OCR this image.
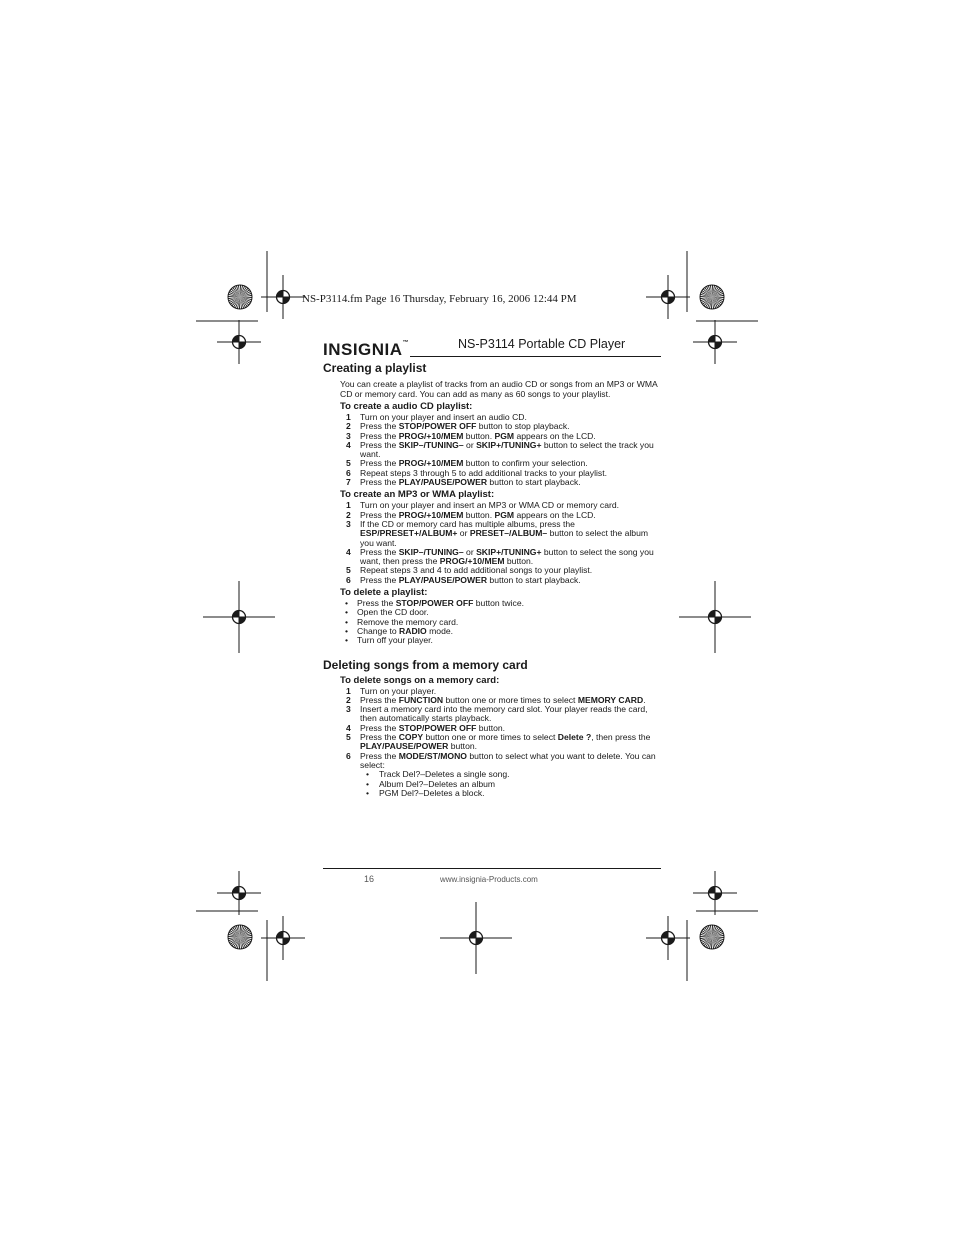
NS-P3114.fm Page 16 Thursday, February 16, 2006 12:44 PM
INSIGNIA™	NS-P3114 Portable CD Player
Creating a playlist

You can create a playlist of tracks from an audio CD or songs from an MP3 or WMA CD or memory card. You can add as many as 60 songs to your playlist.

To create a audio CD playlist:
1 Turn on your player and insert an audio CD.
2 Press the STOP/POWER OFF button to stop playback.
3 Press the PROG/+10/MEM button. PGM appears on the LCD.
4 Press the SKIP–/TUNING– or SKIP+/TUNING+ button to select the track you want.
5 Press the PROG/+10/MEM button to confirm your selection.
6 Repeat steps 3 through 5 to add additional tracks to your playlist.
7 Press the PLAY/PAUSE/POWER button to start playback.
To create an MP3 or WMA playlist:
1 Turn on your player and insert an MP3 or WMA CD or memory card.
2 Press the PROG/+10/MEM button. PGM appears on the LCD.
3 If the CD or memory card has multiple albums, press the ESP/PRESET+/ALBUM+ or PRESET–/ALBUM– button to select the album you want.
4 Press the SKIP–/TUNING– or SKIP+/TUNING+ button to select the song you want, then press the PROG/+10/MEM button.
5 Repeat steps 3 and 4 to add additional songs to your playlist.
6 Press the PLAY/PAUSE/POWER button to start playback.
To delete a playlist:
• Press the STOP/POWER OFF button twice.
• Open the CD door.
• Remove the memory card.
• Change to RADIO mode.
• Turn off your player.
Deleting songs from a memory card
To delete songs on a memory card:
1 Turn on your player.
2 Press the FUNCTION button one or more times to select MEMORY CARD.
3 Insert a memory card into the memory card slot. Your player reads the card, then automatically starts playback.
4 Press the STOP/POWER OFF button.
5 Press the COPY button one or more times to select Delete ?, then press the PLAY/PAUSE/POWER button.
6 Press the MODE/ST/MONO button to select what you want to delete. You can select:
• Track Del?–Deletes a single song.
• Album Del?–Deletes an album
• PGM Del?–Deletes a block.
16	www.insignia-Products.com
